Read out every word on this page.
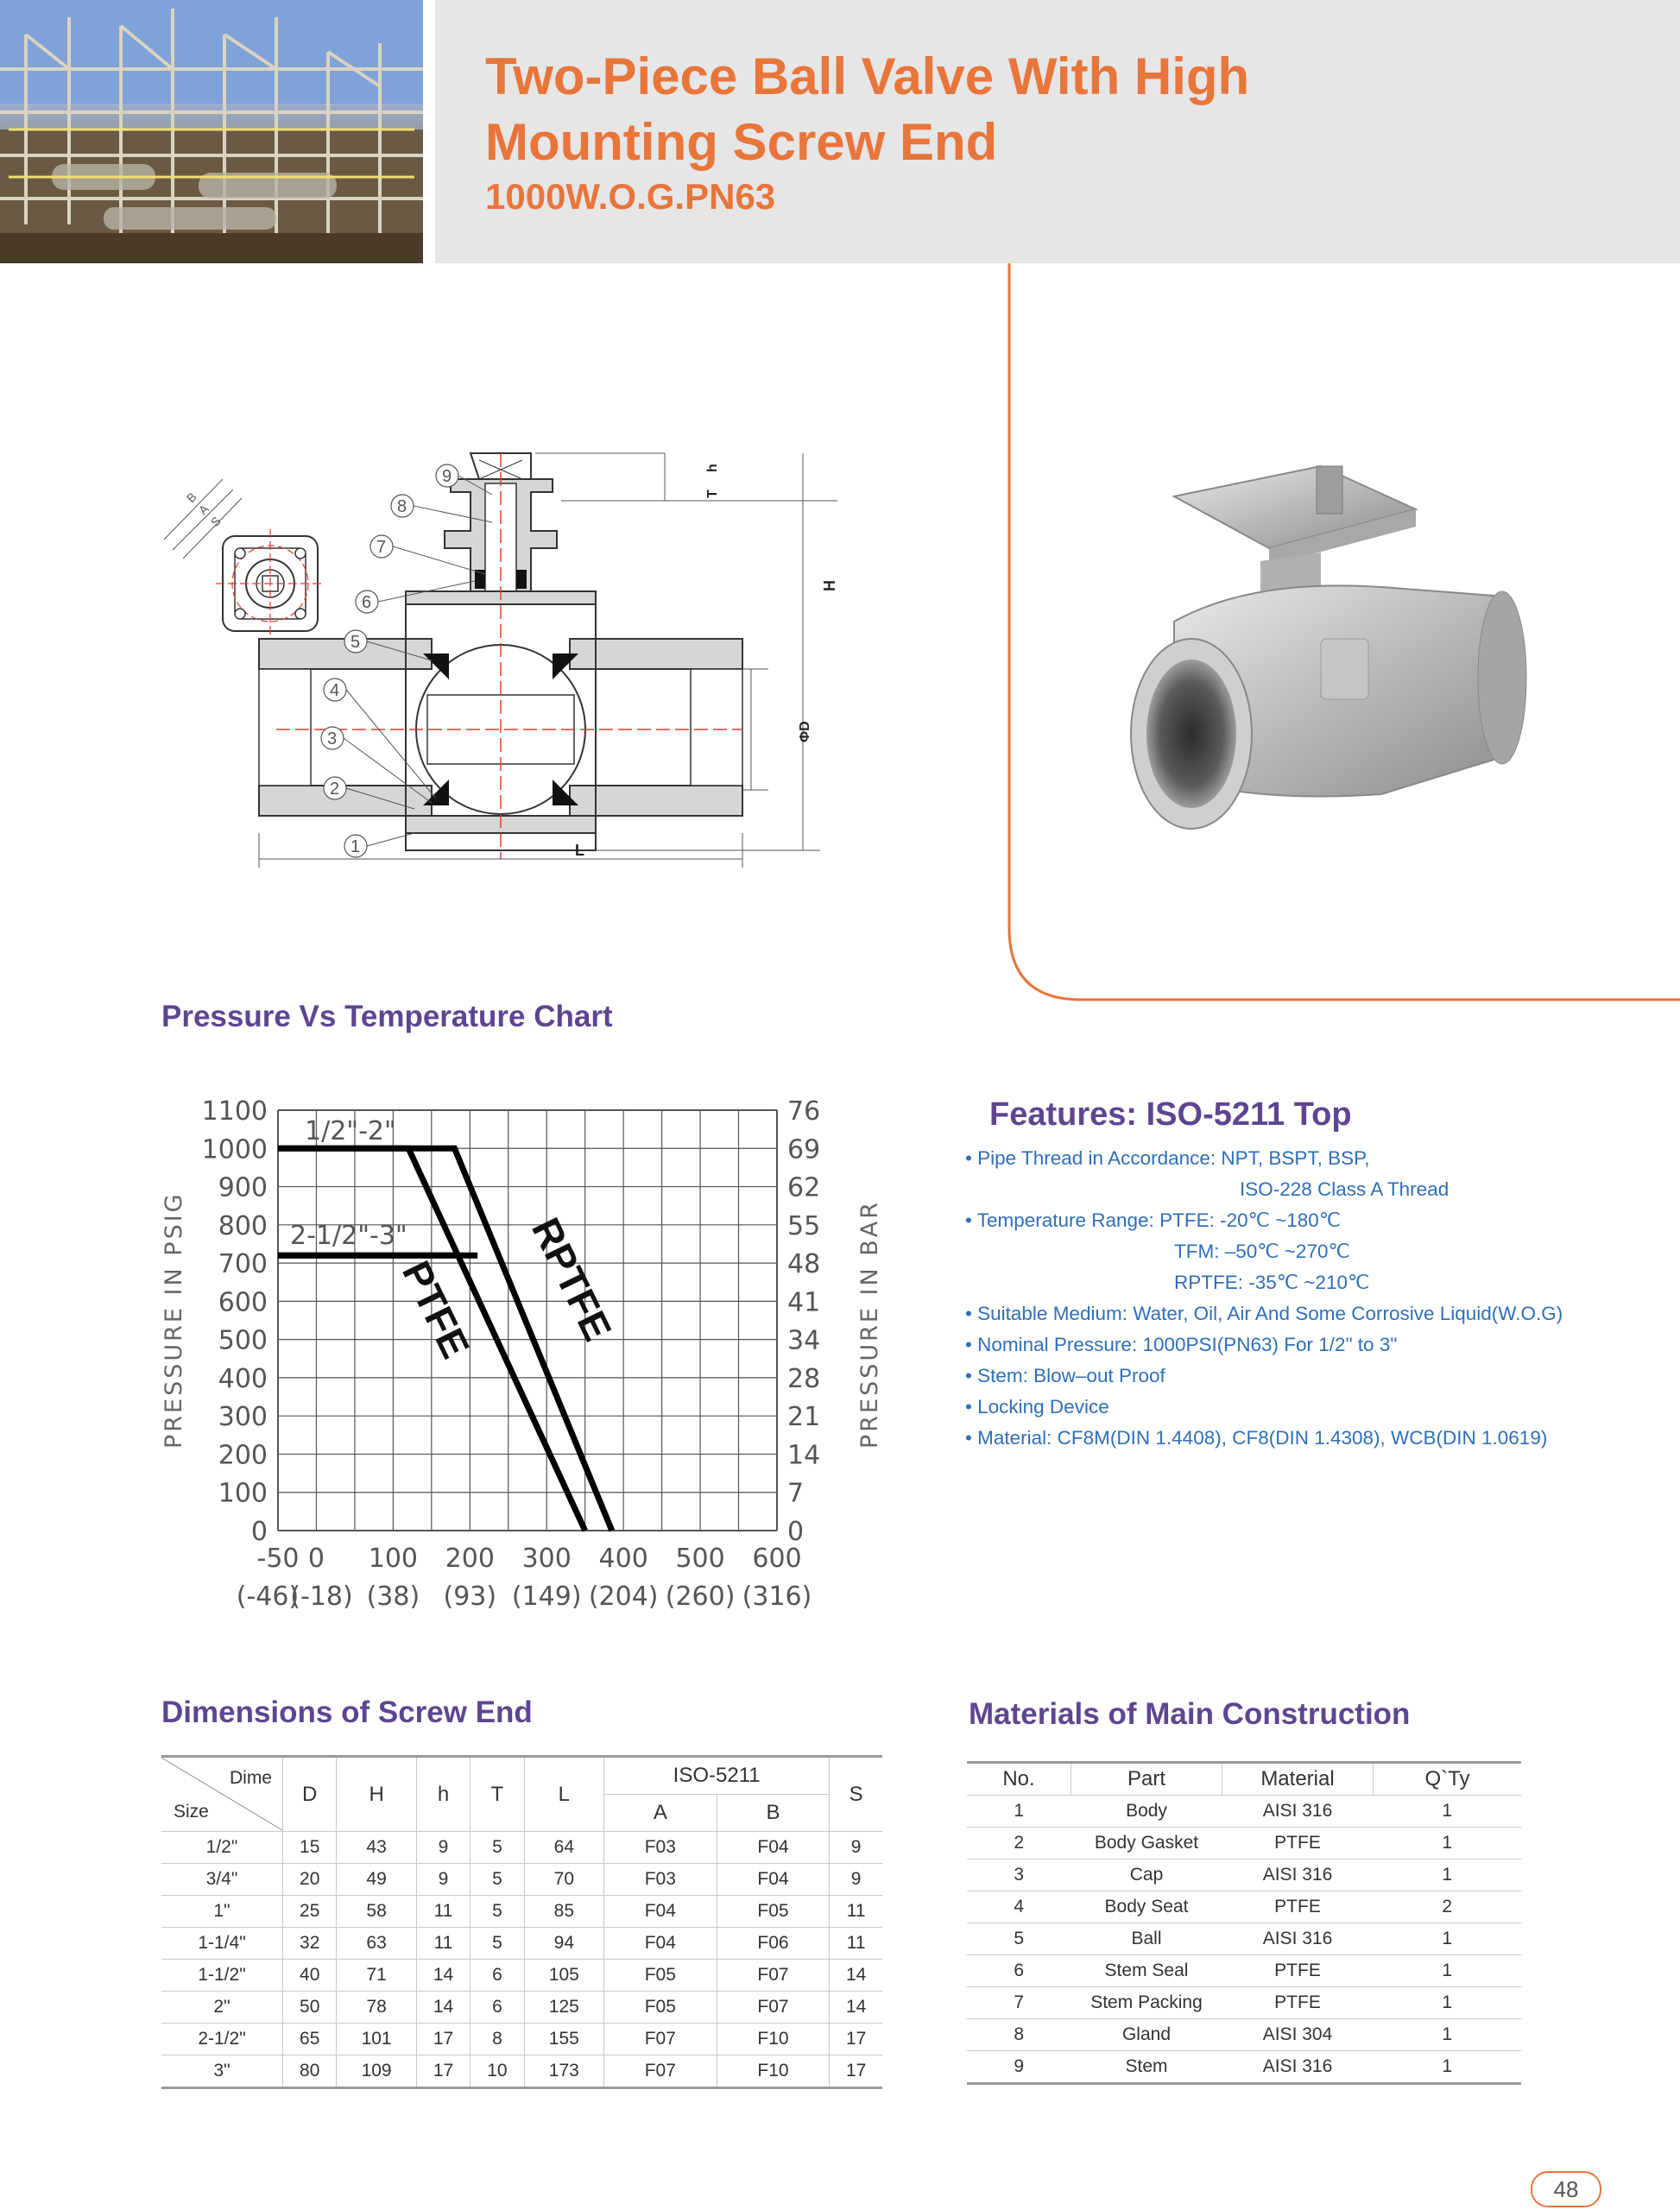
Two-Piece Ball Valve With High
Mounting Screw End
1000W.O.G.PN63
B
A
S
h
T
H
ΦD
L
9
8
7
6
5
4
3
2
1
Pressure Vs Temperature Chart
1100
1000
900
800
700
600
500
400
300
200
100
0
76
69
62
55
48
41
34
28
21
14
7
0
-50 0 100 200 300 400 500 600
(-46)
(-18) (38) (93) (149) (204) (260) (316)
PRESSURE IN PSIG	PRESSURE IN BAR
1/2"-2"
2-1/2"-3"
PTFE RPTFE
Features: ISO-5211 Top
• Pipe Thread in Accordance: NPT, BSPT, BSP,
ISO-228 Class A Thread
• Temperature Range: PTFE: -20℃ ~180℃
TFM: –50℃ ~270℃
RPTFE: -35℃ ~210℃
• Suitable Medium: Water, Oil, Air And Some Corrosive Liquid(W.O.G)
• Nominal Pressure: 1000PSI(PN63) For 1/2" to 3"
• Stem: Blow–out Proof
• Locking Device
• Material: CF8M(DIN 1.4408), CF8(DIN 1.4308), WCB(DIN 1.0619)
Dimensions of Screw End
Dime
Size	D	H	h	T	L	ISO-5211		S
						A	B	
1/2"	15	43	9	5	64	F03	F04	9
3/4"	20	49	9	5	70	F03	F04	9
1"	25	58	11	5	85	F04	F05	11
1-1/4"	32	63	11	5	94	F04	F06	11
1-1/2"	40	71	14	6	105	F05	F07	14
2"	50	78	14	6	125	F05	F07	14
2-1/2"	65	101	17	8	155	F07	F10	17
3"	80	109	17	10	173	F07	F10	17
Materials of Main Construction
No.	Part	Material	Q`Ty
1	Body	AISI 316	1
2	Body Gasket	PTFE	1
3	Cap	AISI 316	1
4	Body Seat	PTFE	2
5	Ball	AISI 316	1
6	Stem Seal	PTFE	1
7	Stem Packing	PTFE	1
8	Gland	AISI 304	1
9	Stem	AISI 316	1
48
